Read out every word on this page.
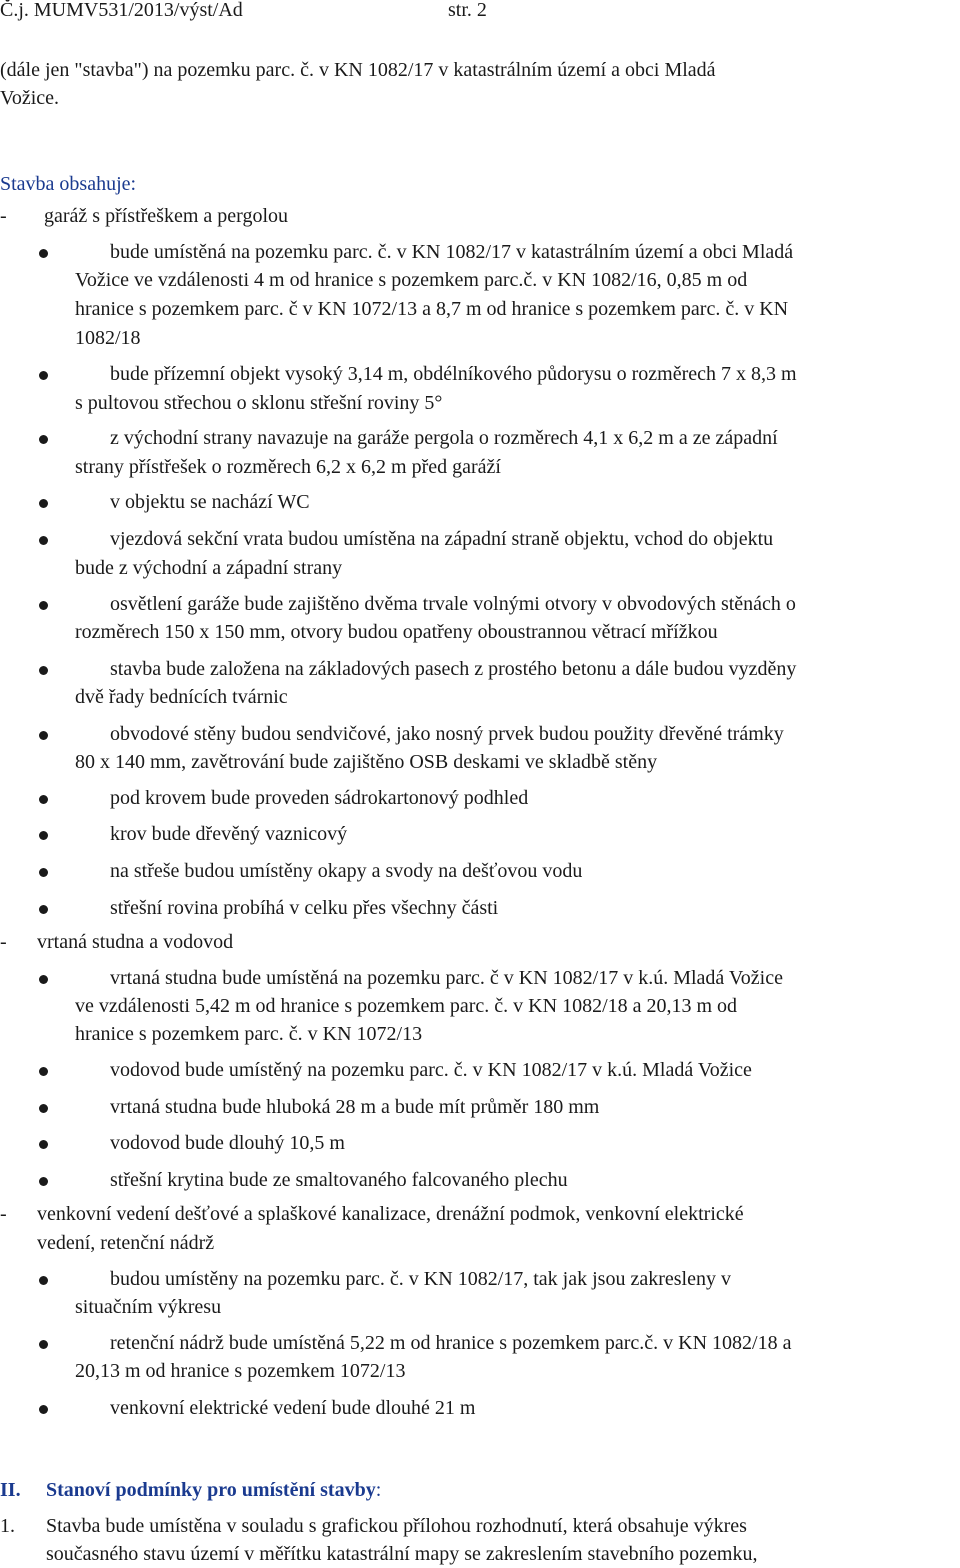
Č.j. MUMV531/2013/výst/Ad	str. 2
(dále jen "stavba") na pozemku parc. č. v KN 1082/17 v katastrálním území a obci Mladá
Vožice.
Stavba obsahuje:
- garáž s přístřeškem a pergolou
bude umístěná na pozemku parc. č. v KN 1082/17 v katastrálním území a obci Mladá
Vožice ve vzdálenosti 4 m od hranice s pozemkem parc.č. v KN 1082/16, 0,85 m od
hranice s pozemkem parc. č v KN 1072/13 a 8,7 m od hranice s pozemkem parc. č. v KN
1082/18
bude přízemní objekt vysoký 3,14 m, obdélníkového půdorysu o rozměrech 7 x 8,3 m
s pultovou střechou o sklonu střešní roviny 5°
z východní strany navazuje na garáže pergola o rozměrech 4,1 x 6,2 m a ze západní
strany přístřešek o rozměrech 6,2 x 6,2 m před garáží
v objektu se nachází WC
vjezdová sekční vrata budou umístěna na západní straně objektu, vchod do objektu
bude z východní a západní strany
osvětlení garáže bude zajištěno dvěma trvale volnými otvory v obvodových stěnách o
rozměrech 150 x 150 mm, otvory budou opatřeny oboustrannou větrací mřížkou
stavba bude založena na základových pasech z prostého betonu a dále budou vyzděny
dvě řady bednících tvárnic
obvodové stěny budou sendvičové, jako nosný prvek budou použity dřevěné trámky
80 x 140 mm, zavětrování bude zajištěno OSB deskami ve skladbě stěny
pod krovem bude proveden sádrokartonový podhled
krov bude dřevěný vaznicový
na střeše budou umístěny okapy a svody na dešťovou vodu
střešní rovina probíhá v celku přes všechny části
- vrtaná studna a vodovod
vrtaná studna bude umístěná na pozemku parc. č v KN 1082/17 v k.ú. Mladá Vožice
ve vzdálenosti 5,42 m od hranice s pozemkem parc. č. v KN 1082/18 a 20,13 m od
hranice s pozemkem parc. č. v KN 1072/13
vodovod bude umístěný na pozemku parc. č. v KN 1082/17 v k.ú. Mladá Vožice
vrtaná studna bude hluboká 28 m a bude mít průměr 180 mm
vodovod bude dlouhý 10,5 m
střešní krytina bude ze smaltovaného falcovaného plechu
- venkovní vedení dešťové a splaškové kanalizace, drenážní podmok, venkovní elektrické
vedení, retenční nádrž
budou umístěny na pozemku parc. č. v KN 1082/17, tak jak jsou zakresleny v
situačním výkresu
retenční nádrž bude umístěná 5,22 m od hranice s pozemkem parc.č. v KN 1082/18 a
20,13 m od hranice s pozemkem 1072/13
venkovní elektrické vedení bude dlouhé 21 m
II. Stanoví podmínky pro umístění stavby:
1. Stavba bude umístěna v souladu s grafickou přílohou rozhodnutí, která obsahuje výkres
současného stavu území v měřítku katastrální mapy se zakreslením stavebního pozemku,
